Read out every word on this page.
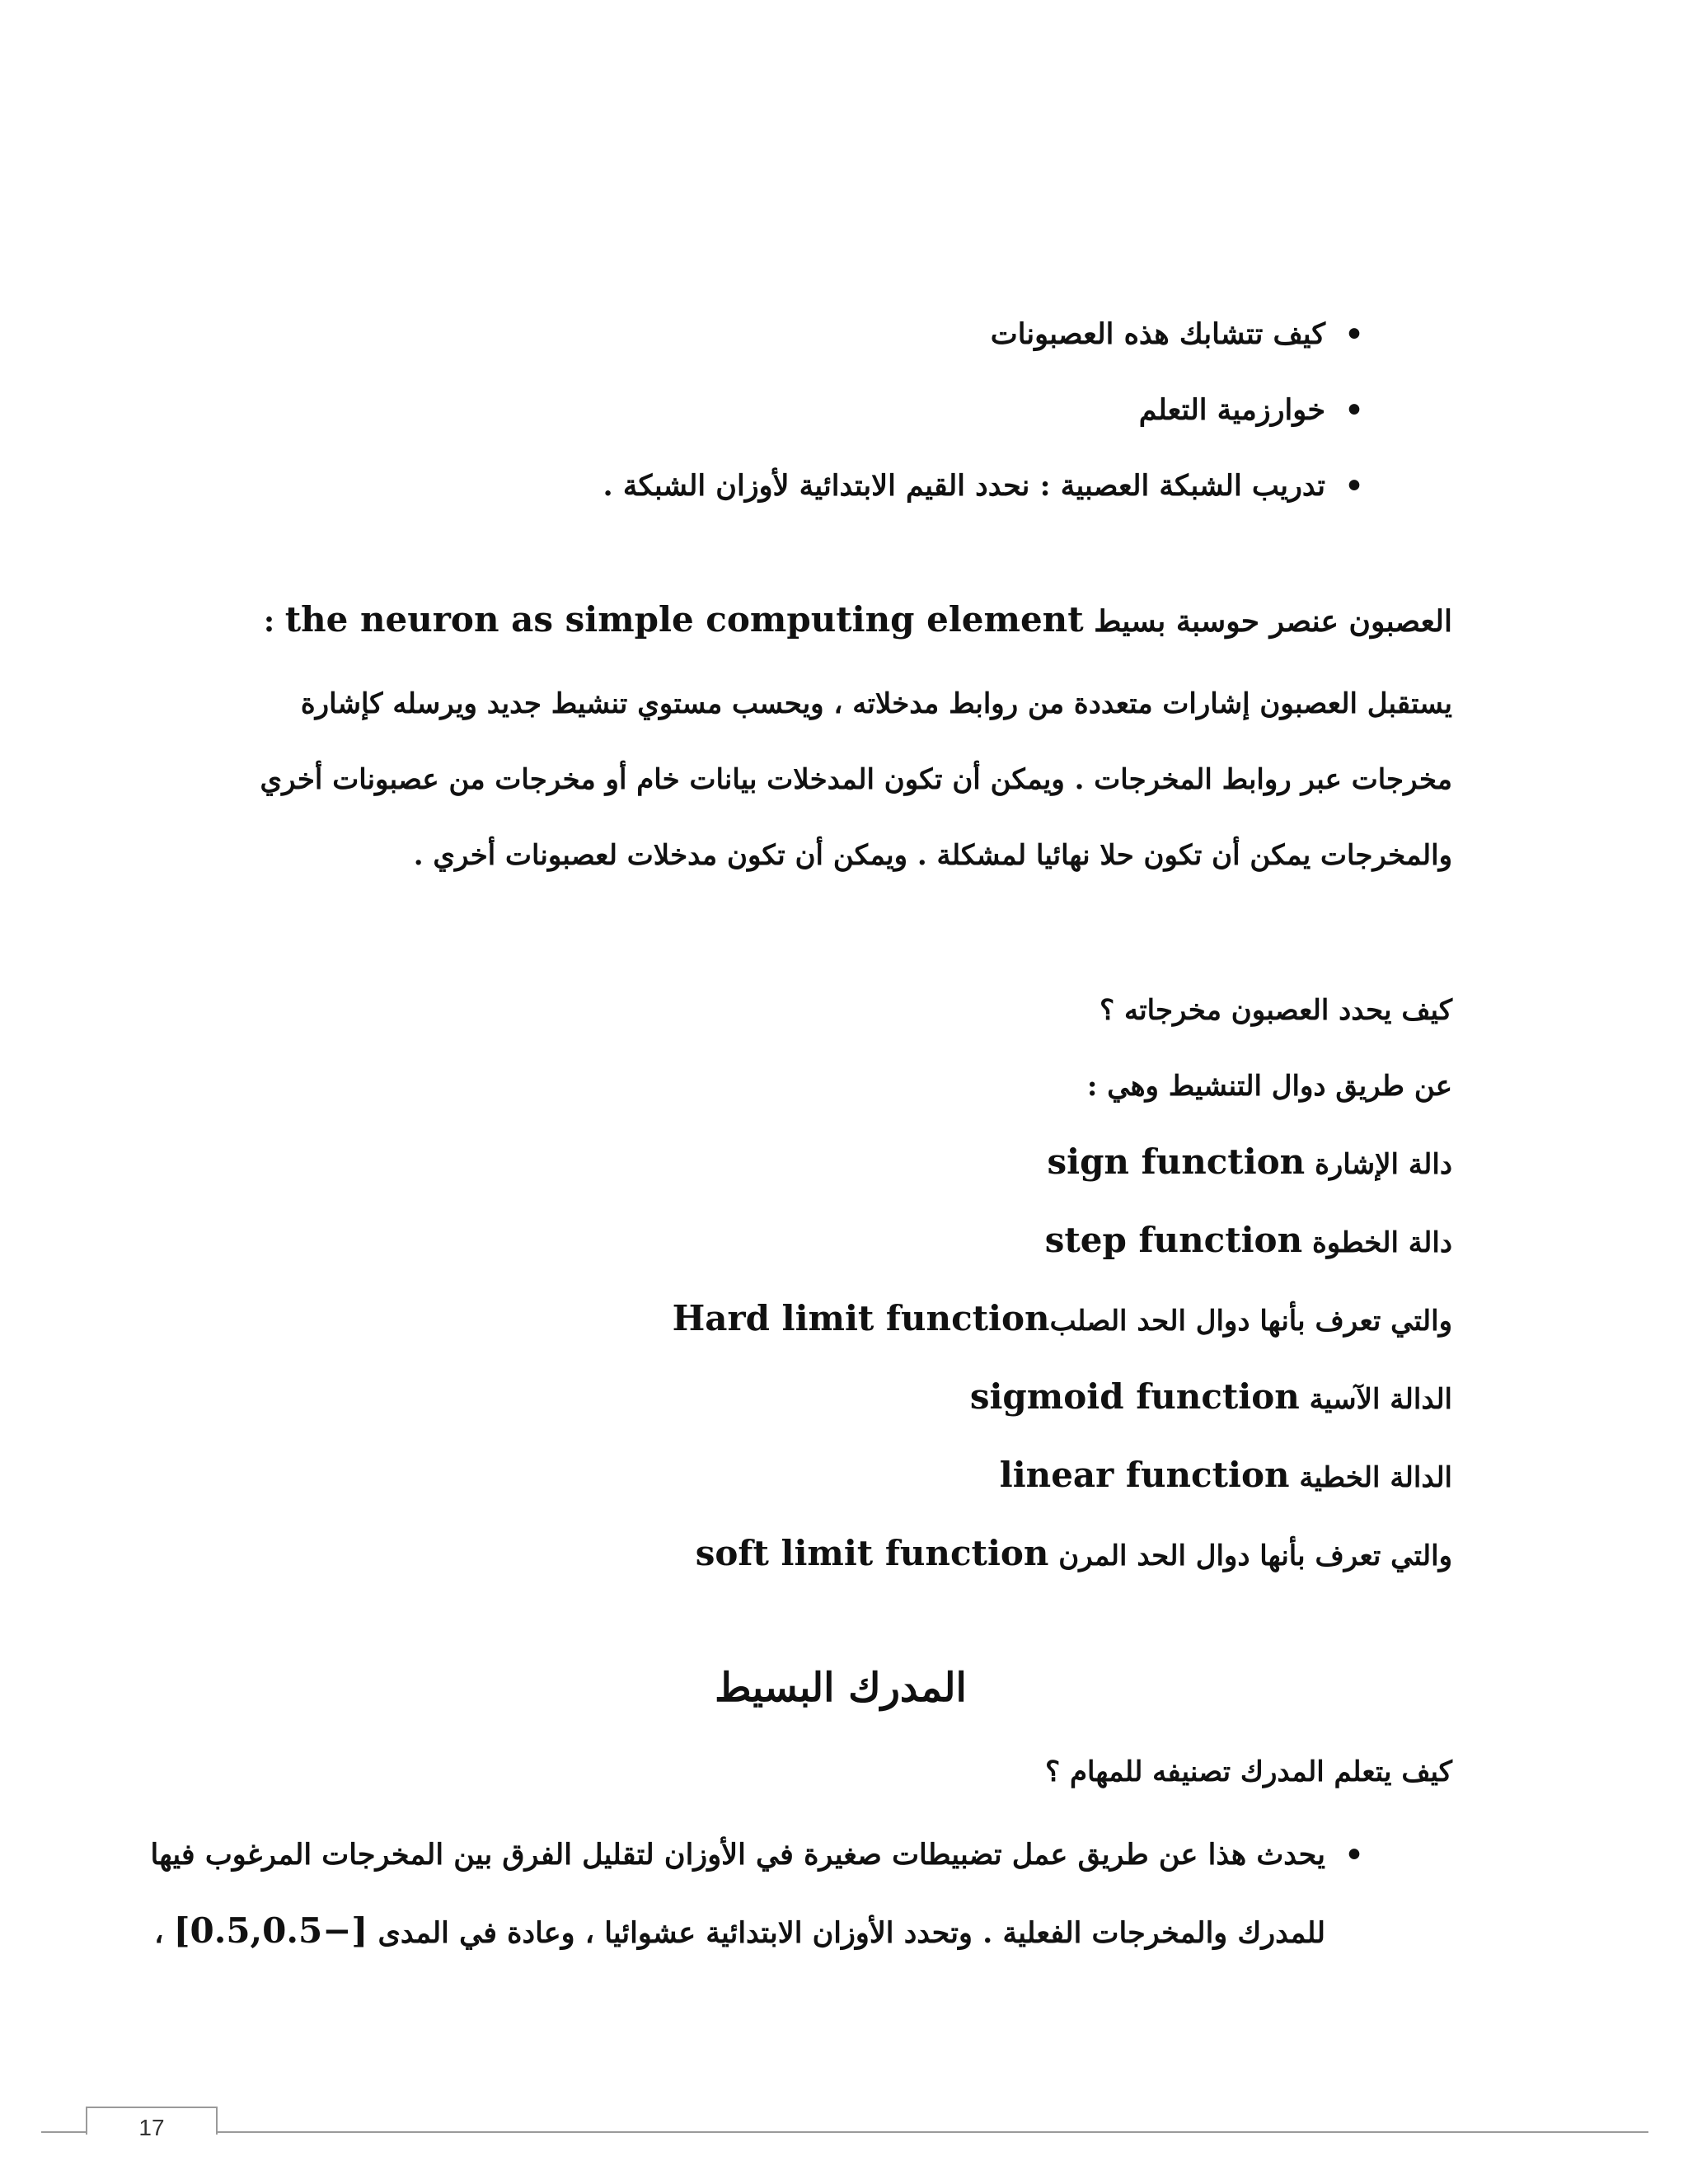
•
كيف تتشابك هذه العصبونات
•
خوارزمية التعلم
•
تدريب الشبكة العصبية : نحدد القيم الابتدائية لأوزان الشبكة .
العصبون عنصر حوسبة بسيط the neuron as simple computing element :
يستقبل العصبون إشارات متعددة من روابط مدخلاته ، ويحسب مستوي تنشيط جديد ويرسله كإشارة
مخرجات عبر روابط المخرجات . ويمكن أن تكون المدخلات بيانات خام أو مخرجات من عصبونات أخري
والمخرجات يمكن أن تكون حلا نهائيا لمشكلة . ويمكن أن تكون مدخلات لعصبونات أخري .
كيف يحدد العصبون مخرجاته ؟
عن طريق دوال التنشيط وهي :
دالة الإشارة sign function
دالة الخطوة step function
والتي تعرف بأنها دوال الحد الصلبHard limit function
الدالة الآسية sigmoid function
الدالة الخطية linear function
والتي تعرف بأنها دوال الحد المرن soft limit function
المدرك البسيط
كيف يتعلم المدرك تصنيفه للمهام ؟
•
يحدث هذا عن طريق عمل تضبيطات صغيرة في الأوزان لتقليل الفرق بين المخرجات المرغوب فيها
للمدرك والمخرجات الفعلية . وتحدد الأوزان الابتدائية عشوائيا ، وعادة في المدى [0.5,0.5−] ،
17
